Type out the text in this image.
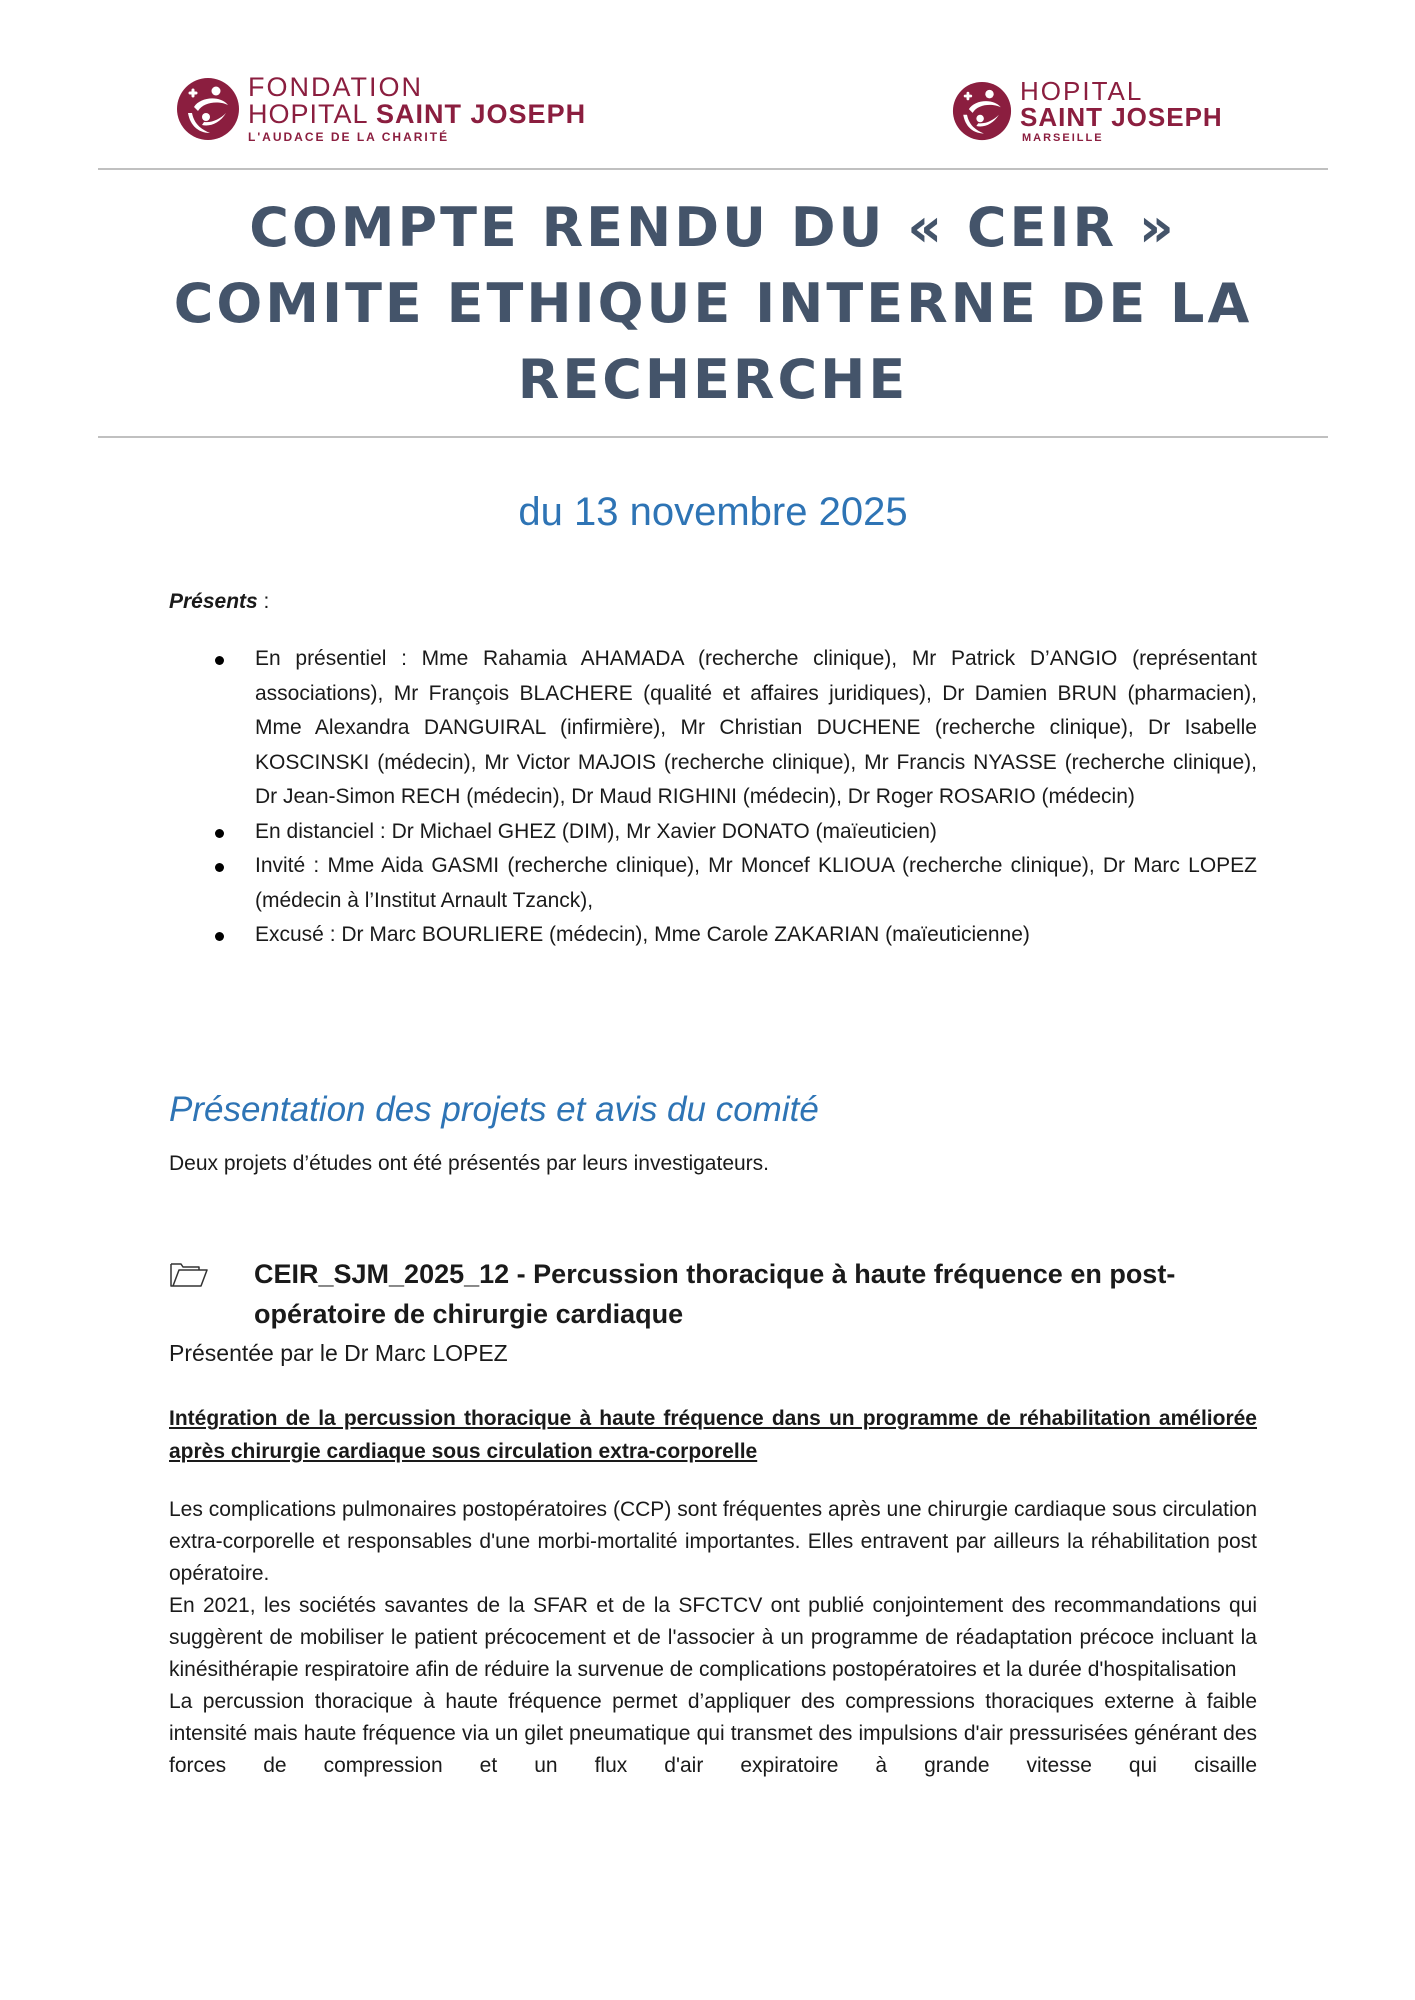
FONDATION
HOPITAL SAINT JOSEPH
L'AUDACE DE LA CHARITÉ
HOPITAL
SAINT JOSEPH
MARSEILLE
COMPTE RENDU DU « CEIR »
COMITE ETHIQUE INTERNE DE LA
RECHERCHE
du 13 novembre 2025
Présents :
En présentiel : Mme Rahamia AHAMADA (recherche clinique), Mr Patrick D’ANGIO (représentant associations), Mr François BLACHERE (qualité et affaires juridiques), Dr Damien BRUN (pharmacien), Mme Alexandra DANGUIRAL (infirmière), Mr Christian DUCHENE (recherche clinique), Dr Isabelle KOSCINSKI (médecin), Mr Victor MAJOIS (recherche clinique), Mr Francis NYASSE (recherche clinique), Dr Jean-Simon RECH (médecin), Dr Maud RIGHINI (médecin), Dr Roger ROSARIO (médecin)
En distanciel : Dr Michael GHEZ (DIM), Mr Xavier DONATO (maïeuticien)
Invité : Mme Aida GASMI (recherche clinique), Mr Moncef KLIOUA (recherche clinique), Dr Marc LOPEZ (médecin à l’Institut Arnault Tzanck),
Excusé : Dr Marc BOURLIERE (médecin), Mme Carole ZAKARIAN (maïeuticienne)
Présentation des projets et avis du comité
Deux projets d’études ont été présentés par leurs investigateurs.
CEIR_SJM_2025_12 - Percussion thoracique à haute fréquence en post-opératoire de chirurgie cardiaque
Présentée par le Dr Marc LOPEZ
Intégration de la percussion thoracique à haute fréquence dans un programme de réhabilitation améliorée après chirurgie cardiaque sous circulation extra-corporelle

Les complications pulmonaires postopératoires (CCP) sont fréquentes après une chirurgie cardiaque sous circulation extra-corporelle et responsables d'une morbi-mortalité importantes. Elles entravent par ailleurs la réhabilitation post opératoire.

En 2021, les sociétés savantes de la SFAR et de la SFCTCV ont publié conjointement des recommandations qui suggèrent de mobiliser le patient précocement et de l'associer à un programme de réadaptation précoce incluant la kinésithérapie respiratoire afin de réduire la survenue de complications postopératoires et la durée d'hospitalisation

La percussion thoracique à haute fréquence permet d’appliquer des compressions thoraciques externe à faible intensité mais haute fréquence via un gilet pneumatique qui transmet des impulsions d'air pressurisées générant des forces de compression et un flux d'air expiratoire à grande vitesse qui cisaille
